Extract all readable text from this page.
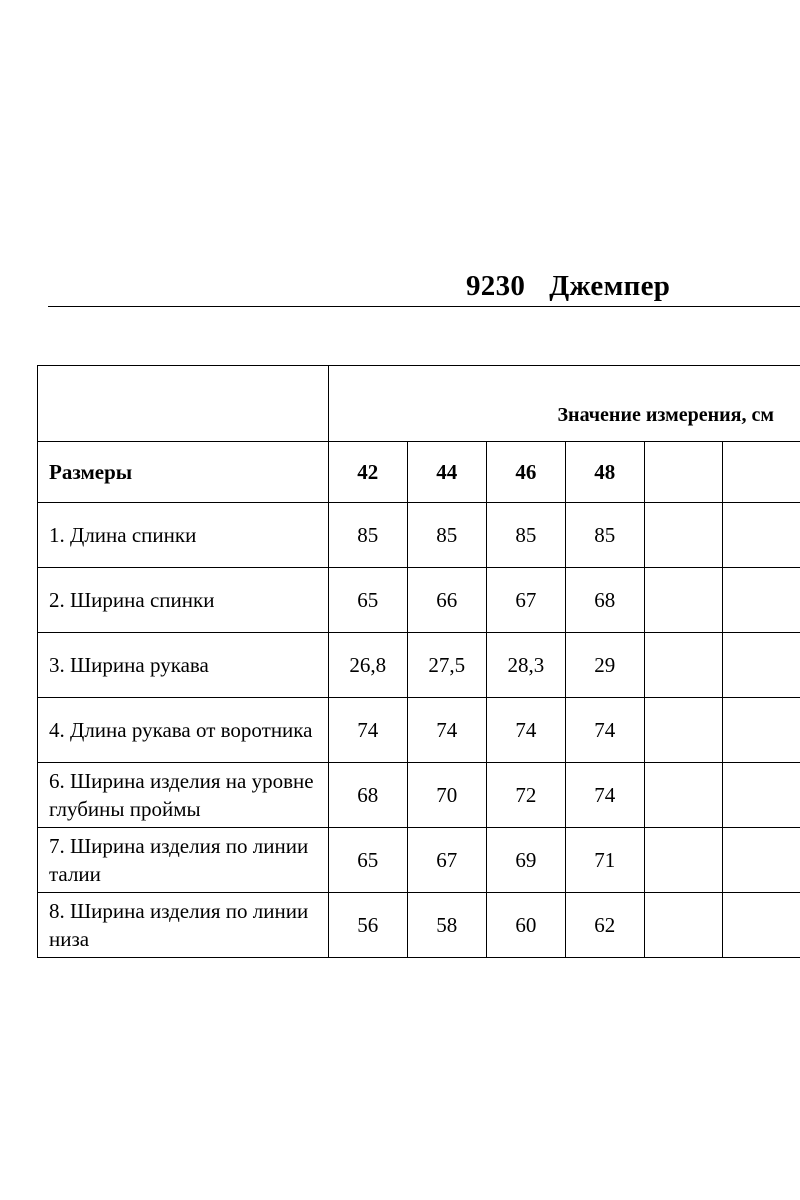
9230 Джемпер
	Значение измерения, см					
Размеры	42	44	46	48		
1. Длина спинки	85	85	85	85		
2. Ширина спинки	65	66	67	68		
3. Ширина рукава	26,8	27,5	28,3	29		
4. Длина рукава от воротника	74	74	74	74		
6. Ширина изделия на уровне глубины проймы	68	70	72	74		
7. Ширина изделия по линии талии	65	67	69	71		
8. Ширина изделия по линии низа	56	58	60	62		
